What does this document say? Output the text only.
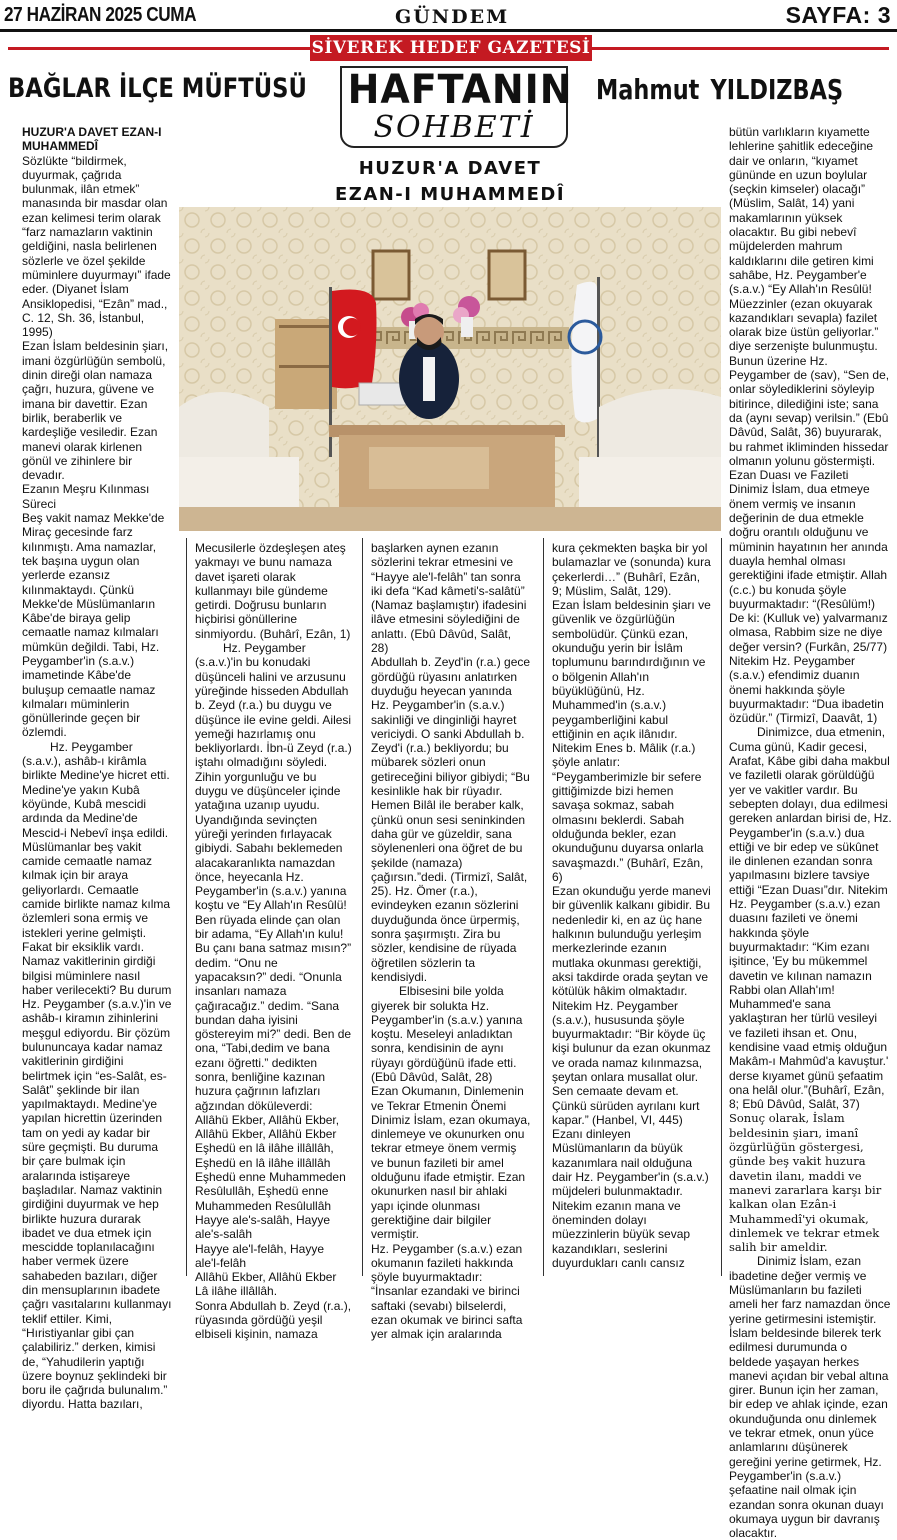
27 HAZİRAN 2025 CUMA	GÜNDEM	SAYFA: 3
SİVEREK HEDEF GAZETESİ
BAĞLAR İLÇE MÜFTÜSÜ	Mahmut YILDIZBAŞ
HAFTANIN
SOHBETİ
HUZUR'A DAVET
EZAN-I MUHAMMEDÎ

HUZUR'A DAVET EZAN-I MUHAMMEDÎ

Sözlükte “bildirmek, duyurmak, çağrıda bulunmak, ilân etmek” manasında bir masdar olan ezan kelimesi terim olarak “farz namazların vaktinin geldiğini, nasla belirlenen sözlerle ve özel şekilde müminlere duyurmayı” ifade eder. (Diyanet İslam Ansiklopedisi, “Ezân” mad., C. 12, Sh. 36, İstanbul, 1995)

Ezan İslam beldesinin şiarı, imani özgürlüğün sembolü, dinin direği olan namaza çağrı, huzura, güvene ve imana bir davettir. Ezan birlik, beraberlik ve kardeşliğe vesiledir. Ezan manevi olarak kirlenen gönül ve zihinlere bir devadır.

Ezanın Meşru Kılınması Süreci

Beş vakit namaz Mekke'de Miraç gecesinde farz kılınmıştı. Ama namazlar, tek başına uygun olan yerlerde ezansız kılınmaktaydı. Çünkü Mekke'de Müslümanların Kâbe'de biraya gelip cemaatle namaz kılmaları mümkün değildi. Tabi, Hz. Peygamber'in (s.a.v.) imametinde Kâbe'de buluşup cemaatle namaz kılmaları müminlerin gönüllerinde geçen bir özlemdi.

Hz. Peygamber (s.a.v.), ashâb-ı kirâmla birlikte Medine'ye hicret etti. Medine'ye yakın Kubâ köyünde, Kubâ mescidi ardında da Medine'de Mescid-i Nebevî inşa edildi. Müslümanlar beş vakit camide cemaatle namaz kılmak için bir araya geliyorlardı. Cemaatle camide birlikte namaz kılma özlemleri sona ermiş ve istekleri yerine gelmişti. Fakat bir eksiklik vardı. Namaz vakitlerinin girdiği bilgisi müminlere nasıl haber verilecekti? Bu durum Hz. Peygamber (s.a.v.)'in ve ashâb-ı kiramın zihinlerini meşgul ediyordu. Bir çözüm bulununcaya kadar namaz vakitlerinin girdiğini belirtmek için “es-Salât, es-Salât” şeklinde bir ilan yapılmaktaydı. Medine'ye yapılan hicrettin üzerinden tam on yedi ay kadar bir süre geçmişti. Bu duruma bir çare bulmak için aralarında istişareye başladılar. Namaz vaktinin girdiğini duyurmak ve hep birlikte huzura durarak ibadet ve dua etmek için mescidde toplanılacağını haber vermek üzere sahabeden bazıları, diğer din mensuplarının ibadete çağrı vasıtalarını kullanmayı teklif ettiler. Kimi, “Hıristiyanlar gibi çan çalabiliriz.” derken, kimisi de, “Yahudilerin yaptığı üzere boynuz şeklindeki bir boru ile çağrıda bulunalım.” diyordu. Hatta bazıları,

Mecusilerle özdeşleşen ateş yakmayı ve bunu namaza davet işareti olarak kullanmayı bile gündeme getirdi. Doğrusu bunların hiçbirisi gönüllerine sinmiyordu. (Buhârî, Ezân, 1)

Hz. Peygamber (s.a.v.)'in bu konudaki düşünceli halini ve arzusunu yüreğinde hisseden Abdullah b. Zeyd (r.a.) bu duygu ve düşünce ile evine geldi. Ailesi yemeği hazırlamış onu bekliyorlardı. İbn-ü Zeyd (r.a.) iştahı olmadığını söyledi. Zihin yorgunluğu ve bu duygu ve düşünceler içinde yatağına uzanıp uyudu. Uyandığında sevinçten yüreği yerinden fırlayacak gibiydi. Sabahı beklemeden alacakaranlıkta namazdan önce, heyecanla Hz. Peygamber'in (s.a.v.) yanına koştu ve “Ey Allah'ın Resûlü! Ben rüyada elinde çan olan bir adama, “Ey Allah'ın kulu! Bu çanı bana satmaz mısın?” dedim. “Onu ne yapacaksın?” dedi. “Onunla insanları namaza çağıracağız.” dedim. “Sana bundan daha iyisini göstereyim mi?” dedi. Ben de ona, “Tabi,dedim ve bana ezanı öğretti.” dedikten sonra, benliğine kazınan huzura çağrının lafızları ağzından döküleverdi:

Allâhü Ekber, Allâhü Ekber, Allâhü Ekber, Allâhü Ekber

Eşhedü en lâ ilâhe illâllâh, Eşhedü en lâ ilâhe illâllâh

Eşhedü enne Muhammeden Resûlullâh, Eşhedü enne Muhammeden Resûlullâh

Hayye ale's-salâh, Hayye ale's-salâh

Hayye ale'l-felâh, Hayye ale'l-felâh

Allâhü Ekber, Allâhü Ekber

Lâ ilâhe illâllâh.

Sonra Abdullah b. Zeyd (r.a.), rüyasında gördüğü yeşil elbiseli kişinin, namaza

başlarken aynen ezanın sözlerini tekrar etmesini ve “Hayye ale'l-felâh” tan sonra iki defa “Kad kâmeti's-salâtü” (Namaz başlamıştır) ifadesini ilâve etmesini söylediğini de anlattı. (Ebû Dâvûd, Salât, 28)

Abdullah b. Zeyd'in (r.a.) gece gördüğü rüyasını anlatırken duyduğu heyecan yanında Hz. Peygamber'in (s.a.v.) sakinliği ve dinginliği hayret vericiydi. O sanki Abdullah b. Zeyd'i (r.a.) bekliyordu; bu mübarek sözleri onun getireceğini biliyor gibiydi; “Bu kesinlikle hak bir rüyadır. Hemen Bilâl ile beraber kalk, çünkü onun sesi seninkinden daha gür ve güzeldir, sana söylenenleri ona öğret de bu şekilde (namaza) çağırsın.”dedi. (Tirmizî, Salât, 25). Hz. Ömer (r.a.), evindeyken ezanın sözlerini duyduğunda önce ürpermiş, sonra şaşırmıştı. Zira bu sözler, kendisine de rüyada öğretilen sözlerin ta kendisiydi.

Elbisesini bile yolda giyerek bir solukta Hz. Peygamber'in (s.a.v.) yanına koştu. Meseleyi anladıktan sonra, kendisinin de aynı rüyayı gördüğünü ifade etti. (Ebû Dâvûd, Salât, 28)

Ezan Okumanın, Dinlemenin ve Tekrar Etmenin Önemi

Dinimiz İslam, ezan okumaya, dinlemeye ve okunurken onu tekrar etmeye önem vermiş ve bunun fazileti bir amel olduğunu ifade etmiştir. Ezan okunurken nasıl bir ahlaki yapı içinde olunması gerektiğine dair bilgiler vermiştir.

Hz. Peygamber (s.a.v.) ezan okumanın fazileti hakkında şöyle buyurmaktadır: “İnsanlar ezandaki ve birinci saftaki (sevabı) bilselerdi, ezan okumak ve birinci safta yer almak için aralarında

kura çekmekten başka bir yol bulamazlar ve (sonunda) kura çekerlerdi…” (Buhârî, Ezân, 9; Müslim, Salât, 129).

Ezan İslam beldesinin şiarı ve güvenlik ve özgürlüğün sembolüdür. Çünkü ezan, okunduğu yerin bir İslâm toplumunu barındırdığının ve o bölgenin Allah'ın büyüklüğünü, Hz. Muhammed'in (s.a.v.) peygamberliğini kabul ettiğinin en açık ilânıdır. Nitekim Enes b. Mâlik (r.a.) şöyle anlatır: “Peygamberimizle bir sefere gittiğimizde bizi hemen savaşa sokmaz, sabah olmasını beklerdi. Sabah olduğunda bekler, ezan okunduğunu duyarsa onlarla savaşmazdı.” (Buhârî, Ezân, 6)

Ezan okunduğu yerde manevi bir güvenlik kalkanı gibidir. Bu nedenledir ki, en az üç hane halkının bulunduğu yerleşim merkezlerinde ezanın mutlaka okunması gerektiği, aksi takdirde orada şeytan ve kötülük hâkim olmaktadır. Nitekim Hz. Peygamber (s.a.v.), hususunda şöyle buyurmaktadır: “Bir köyde üç kişi bulunur da ezan okunmaz ve orada namaz kılınmazsa, şeytan onlara musallat olur. Sen cemaate devam et. Çünkü sürüden ayrılanı kurt kapar.” (Hanbel, VI, 445)

Ezanı dinleyen Müslümanların da büyük kazanımlara nail olduğuna dair Hz. Peygamber'in (s.a.v.) müjdeleri bulunmaktadır. Nitekim ezanın mana ve öneminden dolayı müezzinlerin büyük sevap kazandıkları, seslerini duyurdukları canlı cansız

bütün varlıkların kıyamette lehlerine şahitlik edeceğine dair ve onların, “kıyamet gününde en uzun boylular (seçkin kimseler) olacağı” (Müslim, Salât, 14) yani makamlarının yüksek olacaktır. Bu gibi nebevî müjdelerden mahrum kaldıklarını dile getiren kimi sahâbe, Hz. Peygamber'e (s.a.v.) “Ey Allah'ın Resûlü! Müezzinler (ezan okuyarak kazandıkları sevapla) fazilet olarak bize üstün geliyorlar.” diye serzenişte bulunmuştu. Bunun üzerine Hz. Peygamber de (sav), “Sen de, onlar söylediklerini söyleyip bitirince, dilediğini iste; sana da (aynı sevap) verilsin.” (Ebû Dâvûd, Salât, 36) buyurarak, bu rahmet ikliminden hissedar olmanın yolunu göstermişti.

Ezan Duası ve Fazileti

Dinimiz İslam, dua etmeye önem vermiş ve insanın değerinin de dua etmekle doğru orantılı olduğunu ve müminin hayatının her anında duayla hemhal olması gerektiğini ifade etmiştir. Allah (c.c.) bu konuda şöyle buyurmaktadır: “(Resûlüm!) De ki: (Kulluk ve) yalvarmanız olmasa, Rabbim size ne diye değer versin? (Furkân, 25/77) Nitekim Hz. Peygamber (s.a.v.) efendimiz duanın önemi hakkında şöyle buyurmaktadır: “Dua ibadetin özüdür.” (Tirmizî, Daavât, 1)

Dinimizce, dua etmenin, Cuma günü, Kadir gecesi, Arafat, Kâbe gibi daha makbul ve faziletli olarak görüldüğü yer ve vakitler vardır. Bu sebepten dolayı, dua edilmesi gereken anlardan birisi de, Hz. Peygamber'in (s.a.v.) dua ettiği ve bir edep ve sükûnet ile dinlenen ezandan sonra yapılmasını bizlere tavsiye ettiği “Ezan Duası”dır. Nitekim Hz. Peygamber (s.a.v.) ezan duasını fazileti ve önemi hakkında şöyle buyurmaktadır: “Kim ezanı işitince, 'Ey bu mükemmel davetin ve kılınan namazın Rabbi olan Allah'ım! Muhammed'e sana yaklaştıran her türlü vesileyi ve fazileti ihsan et. Onu, kendisine vaad etmiş olduğun Makâm-ı Mahmûd'a kavuştur.' derse kıyamet günü şefaatim ona helâl olur.”(Buhârî, Ezân, 8; Ebû Dâvûd, Salât, 37)

Sonuç olarak, İslam beldesinin şiarı, imanî özgürlüğün göstergesi, günde beş vakit huzura davetin ilanı, maddi ve manevi zararlara karşı bir kalkan olan Ezân-i Muhammedî'yi okumak, dinlemek ve tekrar etmek salih bir ameldir.

Dinimiz İslam, ezan ibadetine değer vermiş ve Müslümanların bu fazileti ameli her farz namazdan önce yerine getirmesini istemiştir. İslam beldesinde bilerek terk edilmesi durumunda o beldede yaşayan herkes manevi açıdan bir vebal altına girer. Bunun için her zaman, bir edep ve ahlak içinde, ezan okunduğunda onu dinlemek ve tekrar etmek, onun yüce anlamlarını düşünerek gereğini yerine getirmek, Hz. Peygamber'in (s.a.v.) şefaatine nail olmak için ezandan sonra okunan duayı okumaya uygun bir davranış olacaktır.
